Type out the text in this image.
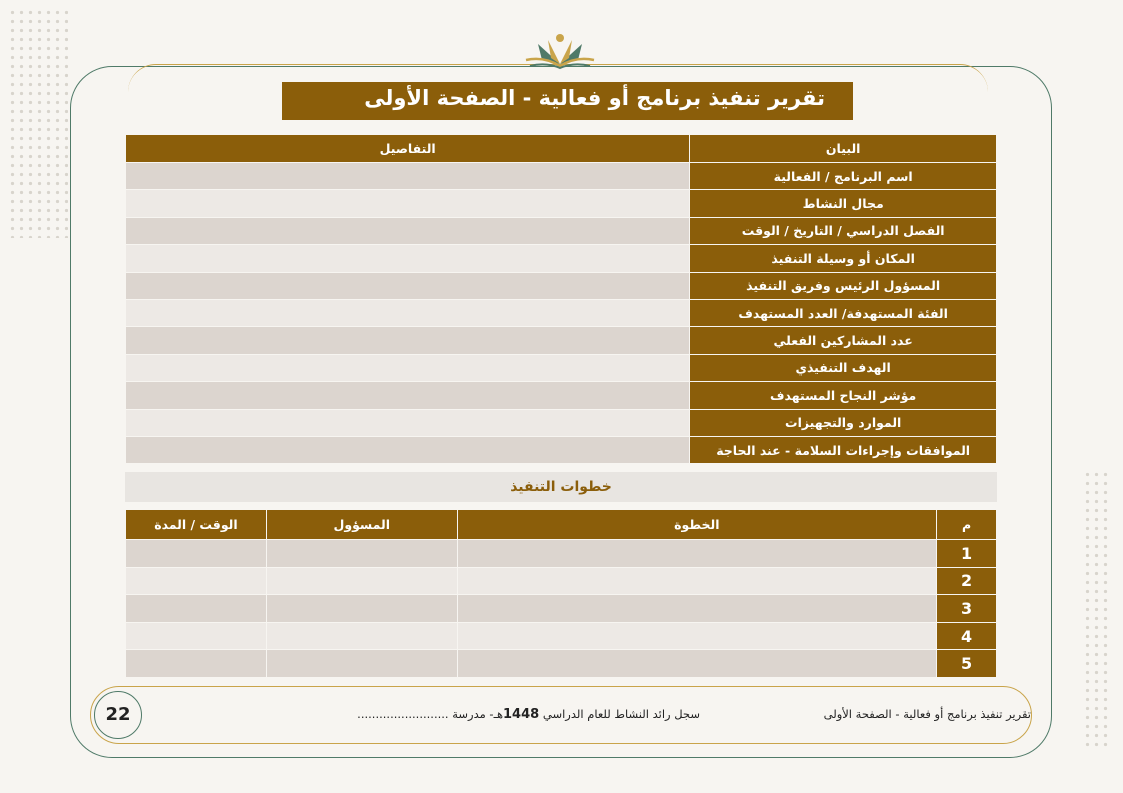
تقرير تنفيذ برنامج أو فعالية - الصفحة الأولى
التفاصيل	البيان
	اسم البرنامج / الفعالية
	مجال النشاط
	الفصل الدراسي / التاريخ / الوقت
	المكان أو وسيلة التنفيذ
	المسؤول الرئيس وفريق التنفيذ
	الفئة المستهدفة/ العدد المستهدف
	عدد المشاركين الفعلي
	الهدف التنفيذي
	مؤشر النجاح المستهدف
	الموارد والتجهيزات
	الموافقات وإجراءات السلامة - عند الحاجة
خطوات التنفيذ
الوقت / المدة	المسؤول	الخطوة	م
			1
			2
			3
			4
			5
22	تقرير تنفيذ برنامج أو فعالية - الصفحة الأولى
سجل رائد النشاط للعام الدراسي 1448هـ- مدرسة .........................
